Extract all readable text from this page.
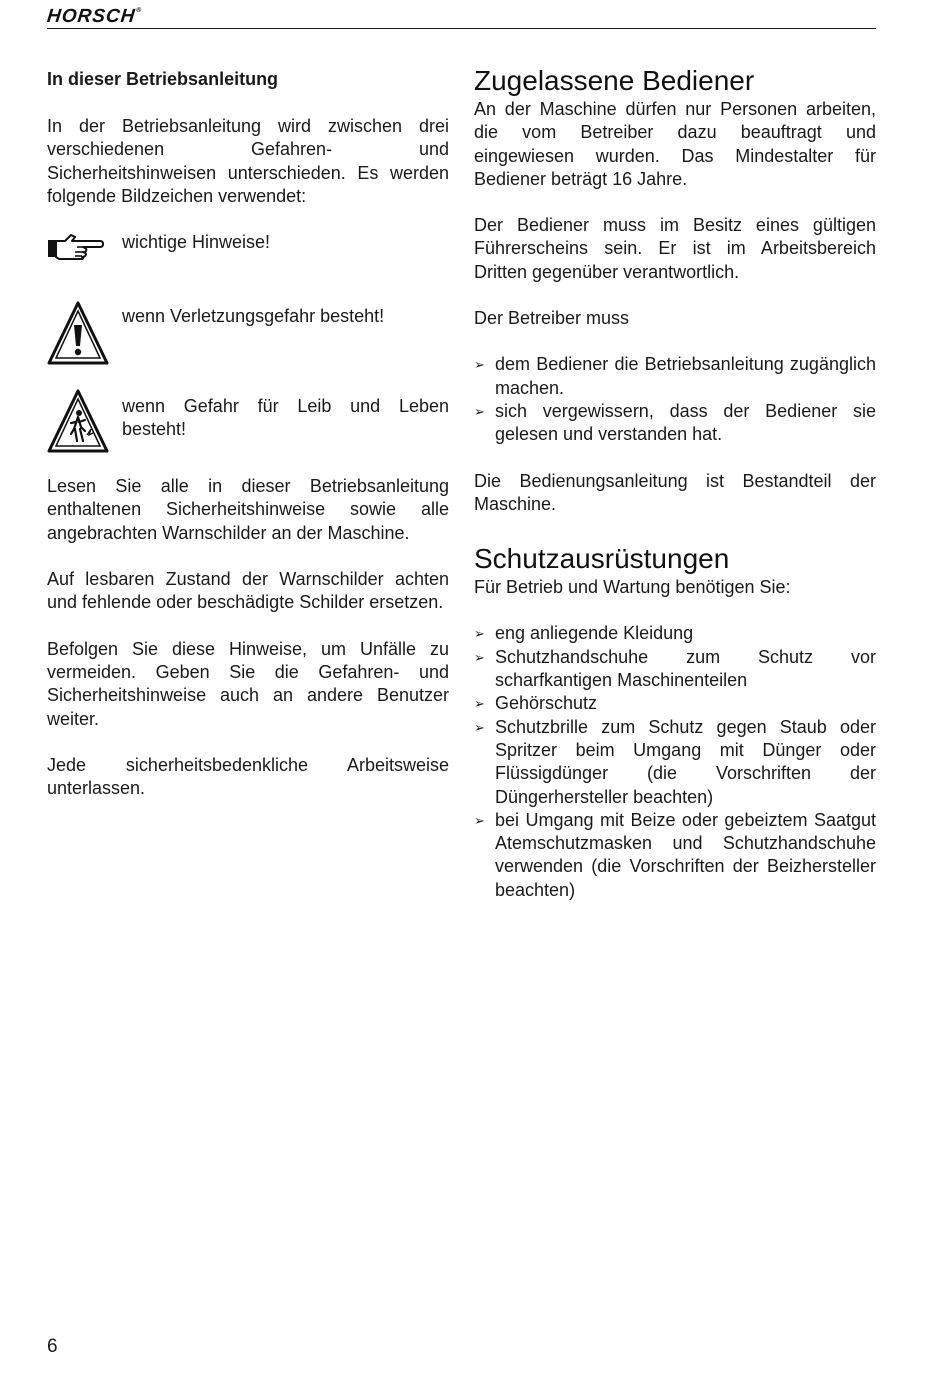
HORSCH®
In dieser Betriebsanleitung

In der Betriebsanleitung wird zwischen drei verschiedenen Gefahren- und Sicherheitshinweisen unterschieden. Es werden folgende Bildzeichen verwendet:

wichtige Hinweise!
wenn Verletzungsgefahr besteht!
wenn Gefahr für Leib und Leben besteht!

Lesen Sie alle in dieser Betriebsanleitung enthaltenen Sicherheitshinweise sowie alle angebrachten Warnschilder an der Maschine.

Auf lesbaren Zustand der Warnschilder achten und fehlende oder beschädigte Schilder ersetzen.

Befolgen Sie diese Hinweise, um Unfälle zu vermeiden. Geben Sie die Gefahren- und Sicherheitshinweise auch an andere Benutzer weiter.

Jede sicherheitsbedenkliche Arbeitsweise unterlassen.

Zugelassene Bediener

An der Maschine dürfen nur Personen arbeiten, die vom Betreiber dazu beauftragt und eingewiesen wurden. Das Mindestalter für Bediener beträgt 16 Jahre.

Der Bediener muss im Besitz eines gültigen Führerscheins sein. Er ist im Arbeitsbereich Dritten gegenüber verantwortlich.

Der Betreiber muss

➢ dem Bediener die Betriebsanleitung zugänglich machen.
➢ sich vergewissern, dass der Bediener sie gelesen und verstanden hat.

Die Bedienungsanleitung ist Bestandteil der Maschine.

Schutzausrüstungen

Für Betrieb und Wartung benötigen Sie:

➢ eng anliegende Kleidung
➢ Schutzhandschuhe zum Schutz vor scharfkantigen Maschinenteilen
➢ Gehörschutz
➢ Schutzbrille zum Schutz gegen Staub oder Spritzer beim Umgang mit Dünger oder Flüssigdünger (die Vorschriften der Düngerhersteller beachten)
➢ bei Umgang mit Beize oder gebeiztem Saatgut Atemschutzmasken und Schutzhandschuhe verwenden (die Vorschriften der Beizhersteller beachten)
6
